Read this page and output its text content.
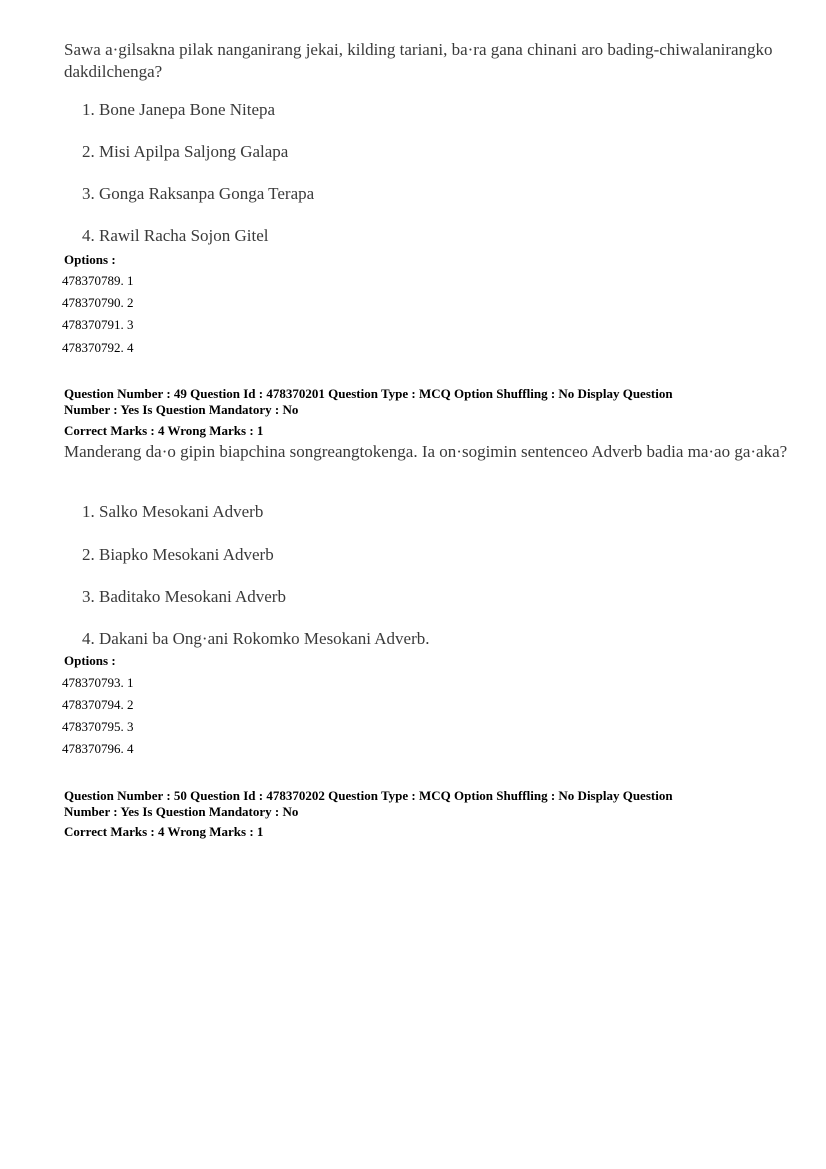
Sawa a·gilsakna pilak nanganirang jekai, kilding tariani, ba·ra gana chinani aro bading-chiwalanirangko dakdilchenga?
1. Bone Janepa Bone Nitepa
2. Misi Apilpa Saljong Galapa
3. Gonga Raksanpa Gonga Terapa
4. Rawil Racha Sojon Gitel
Options :
478370789. 1
478370790. 2
478370791. 3
478370792. 4
Question Number : 49 Question Id : 478370201 Question Type : MCQ Option Shuffling : No Display Question
Number : Yes Is Question Mandatory : No
Correct Marks : 4 Wrong Marks : 1
Manderang da·o gipin biapchina songreangtokenga. Ia on·sogimin sentenceo Adverb badia ma·ao ga·aka?
1. Salko Mesokani Adverb
2. Biapko Mesokani Adverb
3. Baditako Mesokani Adverb
4. Dakani ba Ong·ani Rokomko Mesokani Adverb.
Options :
478370793. 1
478370794. 2
478370795. 3
478370796. 4
Question Number : 50 Question Id : 478370202 Question Type : MCQ Option Shuffling : No Display Question
Number : Yes Is Question Mandatory : No
Correct Marks : 4 Wrong Marks : 1
